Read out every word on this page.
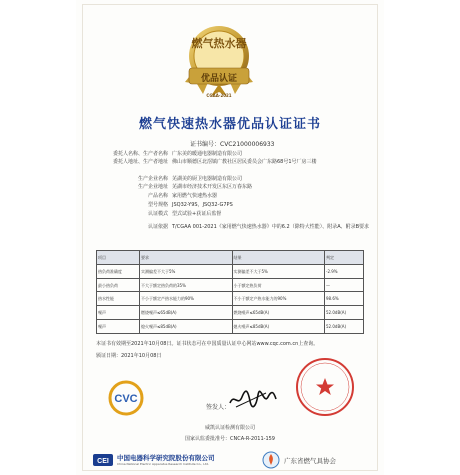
燃气热水器
优品认证
CGAA-2021
燃气快速热水器优品认证证书
证书编号：CVC21000006933
委托人名称、生产者名称 广东美的暖通电器制造有限公司
委托人地址、生产者地址 佛山市顺德区北滘镇广教社区居民委员会广东路68号1号厂房三楼
生产企业名称 芜湖美的厨卫电器制造有限公司
生产企业地址 芜湖市经济技术开发区东区万春东路
产品名称 家用燃气快速热水器
型号规格 JSQ32-Y9S，JSQ32-G7PS
认证模式 型式试验+获证后监督
认证依据 T/CGAA 001-2021《家用燃气快速热水器》中的6.2（除特大性能）、附录A、附录B要求
项目	要求	结果	判定
热负荷准确度	实测偏差不大于5%	实测偏差不大于5%	-2.9%
最小热负荷	不大于额定热负荷的35%	小于额定热负荷	—
热水性能	不小于额定产热水能力的90%	不小于额定产热水能力的90%	98.6%
噪声	燃烧噪声≤65dB(A)	燃烧噪声≤65dB(A)	52.0dB(A)
噪声	熄火噪声≤85dB(A)	熄火噪声≤85dB(A)	52.0dB(A)
本证书有效期至2021年10月08日。证书状态可在中国质量认证中心网站www.cqc.com.cn上查询。
颁证日期：2021年10月08日
CVC
签发人：
威凯认证检测有限公司
国家认监委批准号：CNCA-R-2011-159
CEI 中国电器科学研究院股份有限公司
China National Electric Apparatus Research Institute Co., Ltd.	广东省燃气具协会
